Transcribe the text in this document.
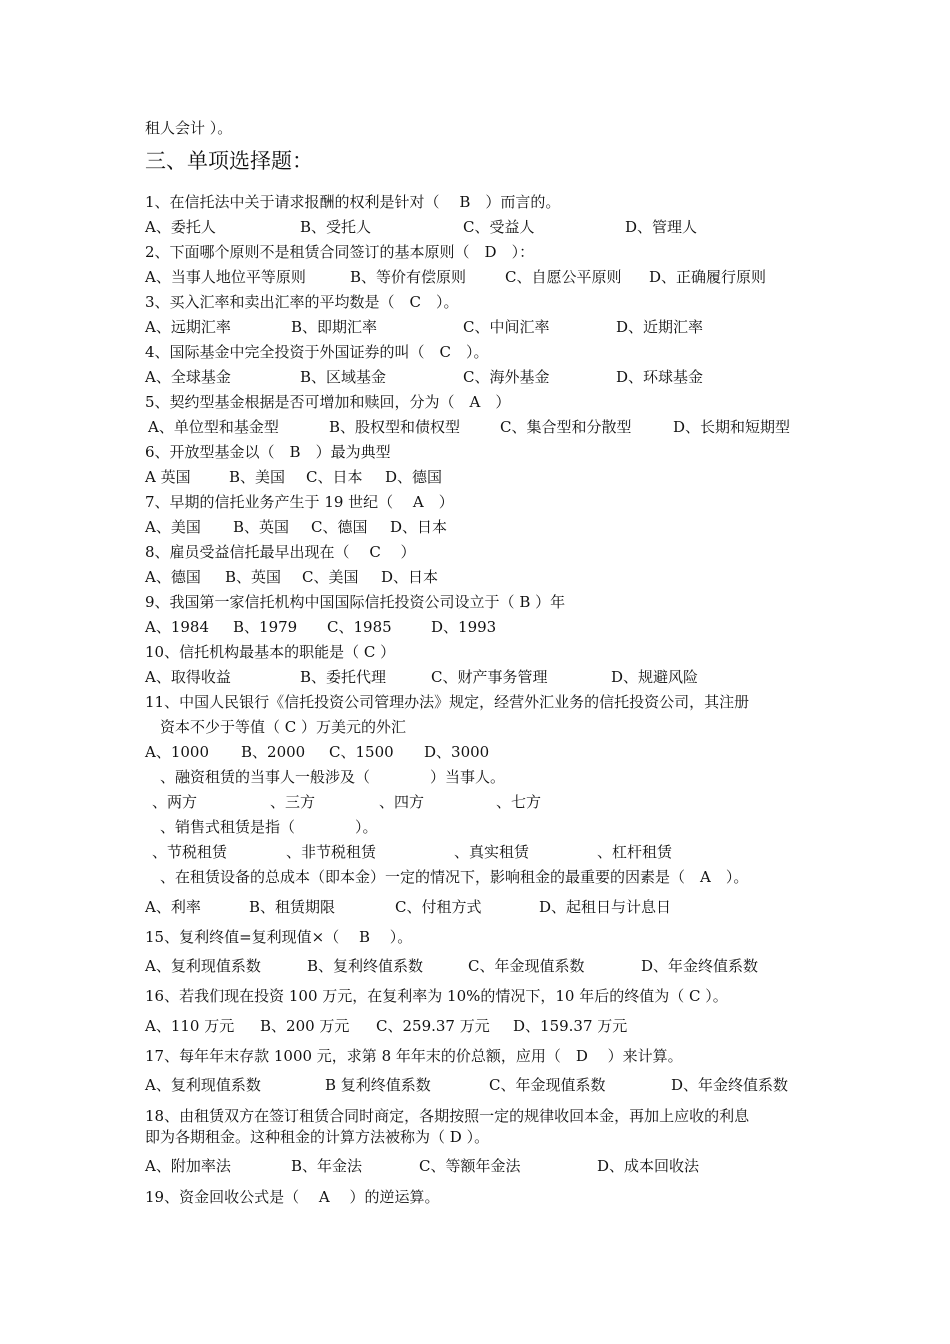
租人会计 ）。
三、单项选择题：
1、在信托法中关于请求报酬的权利是针对（　 B　）而言的。

A、委托人

	B、受托人

	C、受益人

	D、管理人

2、下面哪个原则不是租赁合同签订的基本原则（　D　）：

A、当事人地位平等原则

	B、等价有偿原则

	C、自愿公平原则

D、正确履行原则

3、买入汇率和卖出汇率的平均数是（　C　）。

A、远期汇率

	B、即期汇率

	C、中间汇率

	D、近期汇率

4、国际基金中完全投资于外国证券的叫（　C　）。

A、全球基金

	B、区域基金

	C、海外基金

	D、环球基金

5、契约型基金根据是否可增加和赎回，分为（　A　）

A、单位型和基金型

	B、股权型和债权型

	C、集合型和分散型

	D、长期和短期型

6、开放型基金以（　B　）最为典型

A 英国

	B、美国

C、日本

D、德国

7、早期的信托业务产生于 19 世纪（　 A　）

A、美国

B、英国

C、德国

D、日本

8、雇员受益信托最早出现在（　 C　 ）

A、德国

B、英国

C、美国

D、日本

9、我国第一家信托机构中国国际信托投资公司设立于（ B ）年

A、1984

B、1979

C、1985

	D、1993

10、信托机构最基本的职能是（ C ）

A、取得收益

	B、委托代理

	C、财产事务管理

	D、规避风险

11、中国人民银行《信托投资公司管理办法》规定，经营外汇业务的信托投资公司，其注册
资本不少于等值（ C ）万美元的外汇

A、1000

B、2000

C、1500

D、3000

、融资租赁的当事人一般涉及（　　　　）当事人。

、两方

	、三方

	、四方

	、七方

、销售式租赁是指（　　　　）。

、节税租赁

	、非节税租赁

	、真实租赁

	、杠杆租赁

、在租赁设备的总成本（即本金）一定的情况下，影响租金的最重要的因素是（　A　）。

A、利率

	B、租赁期限

	C、付租方式

	D、起租日与计息日

15、复利终值=复利现值×（　 B　 ）。

A、复利现值系数

	B、复利终值系数

	C、年金现值系数

	D、年金终值系数

16、若我们现在投资 100 万元，在复利率为 10%的情况下，10 年后的终值为（ C ）。

A、110 万元

B、200 万元

C、259.37 万元

D、159.37 万元

17、每年年末存款 1000 元，求第 8 年年末的价总额，应用（　D　 ）来计算。

A、复利现值系数

	B 复利终值系数

	C、年金现值系数

	D、年金终值系数

18、由租赁双方在签订租赁合同时商定，各期按照一定的规律收回本金，再加上应收的利息
即为各期租金。这种租金的计算方法被称为（ D ）。

A、附加率法

	B、年金法

	C、等额年金法

	D、成本回收法

19、资金回收公式是（　 A　 ）的逆运算。
